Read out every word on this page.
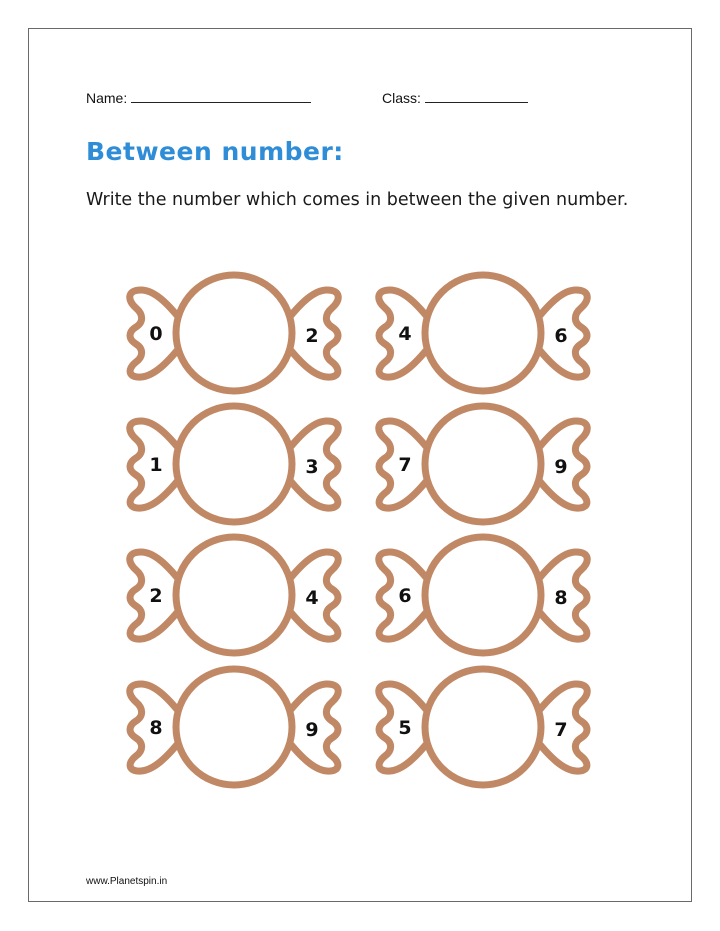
Name:	Class:
Between number:

Write the number which comes in between the given number.

0	2	4	6
1	3	7	9
2	4	6	8
8	9	5	7
www.Planetspin.in
